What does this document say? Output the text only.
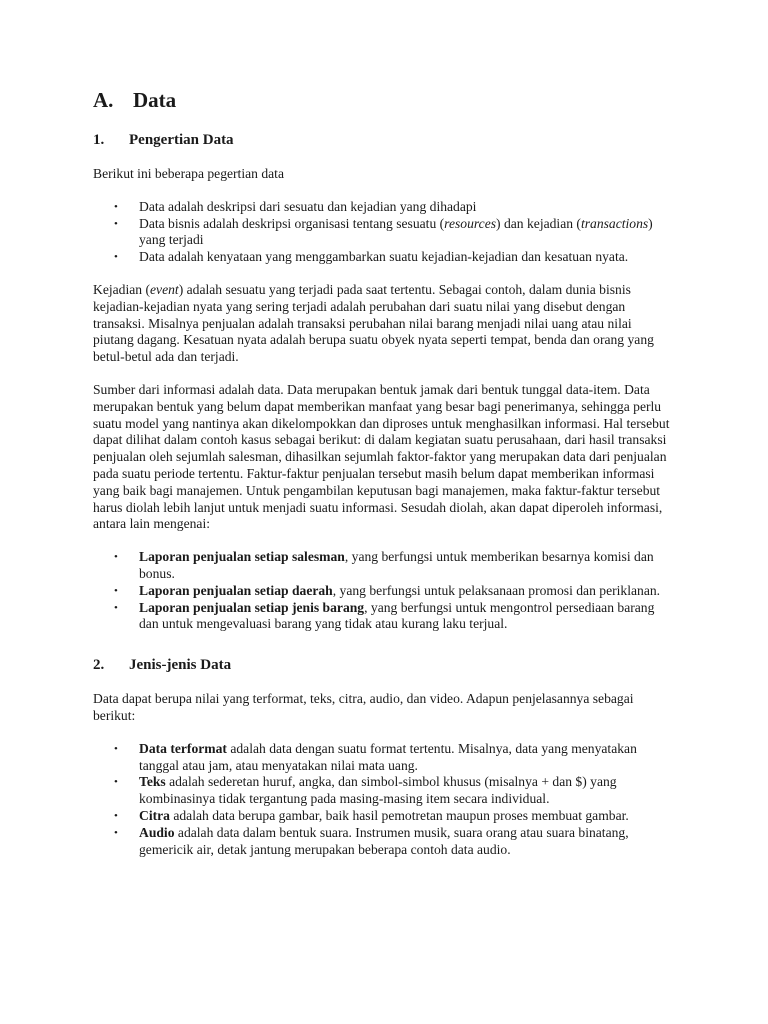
A. Data
1. Pengertian Data

Berikut ini beberapa pegertian data

• Data adalah deskripsi dari sesuatu dan kejadian yang dihadapi
• Data bisnis adalah deskripsi organisasi tentang sesuatu (resources) dan kejadian (transactions) yang terjadi
• Data adalah kenyataan yang menggambarkan suatu kejadian-kejadian dan kesatuan nyata.

Kejadian (event) adalah sesuatu yang terjadi pada saat tertentu. Sebagai contoh, dalam dunia bisnis kejadian-kejadian nyata yang sering terjadi adalah perubahan dari suatu nilai yang disebut dengan transaksi. Misalnya penjualan adalah transaksi perubahan nilai barang menjadi nilai uang atau nilai piutang dagang. Kesatuan nyata adalah berupa suatu obyek nyata seperti tempat, benda dan orang yang betul-betul ada dan terjadi.

Sumber dari informasi adalah data. Data merupakan bentuk jamak dari bentuk tunggal data-item. Data merupakan bentuk yang belum dapat memberikan manfaat yang besar bagi penerimanya, sehingga perlu suatu model yang nantinya akan dikelompokkan dan diproses untuk menghasilkan informasi. Hal tersebut dapat dilihat dalam contoh kasus sebagai berikut: di dalam kegiatan suatu perusahaan, dari hasil transaksi penjualan oleh sejumlah salesman, dihasilkan sejumlah faktor-faktor yang merupakan data dari penjualan pada suatu periode tertentu. Faktur-faktur penjualan tersebut masih belum dapat memberikan informasi yang baik bagi manajemen. Untuk pengambilan keputusan bagi manajemen, maka faktur-faktur tersebut harus diolah lebih lanjut untuk menjadi suatu informasi. Sesudah diolah, akan dapat diperoleh informasi, antara lain mengenai:

• Laporan penjualan setiap salesman, yang berfungsi untuk memberikan besarnya komisi dan bonus.
• Laporan penjualan setiap daerah, yang berfungsi untuk pelaksanaan promosi dan periklanan.
• Laporan penjualan setiap jenis barang, yang berfungsi untuk mengontrol persediaan barang dan untuk mengevaluasi barang yang tidak atau kurang laku terjual.
2. Jenis-jenis Data

Data dapat berupa nilai yang terformat, teks, citra, audio, dan video. Adapun penjelasannya sebagai berikut:

• Data terformat adalah data dengan suatu format tertentu. Misalnya, data yang menyatakan tanggal atau jam, atau menyatakan nilai mata uang.
• Teks adalah sederetan huruf, angka, dan simbol-simbol khusus (misalnya + dan $) yang kombinasinya tidak tergantung pada masing-masing item secara individual.
• Citra adalah data berupa gambar, baik hasil pemotretan maupun proses membuat gambar.
• Audio adalah data dalam bentuk suara. Instrumen musik, suara orang atau suara binatang, gemericik air, detak jantung merupakan beberapa contoh data audio.
